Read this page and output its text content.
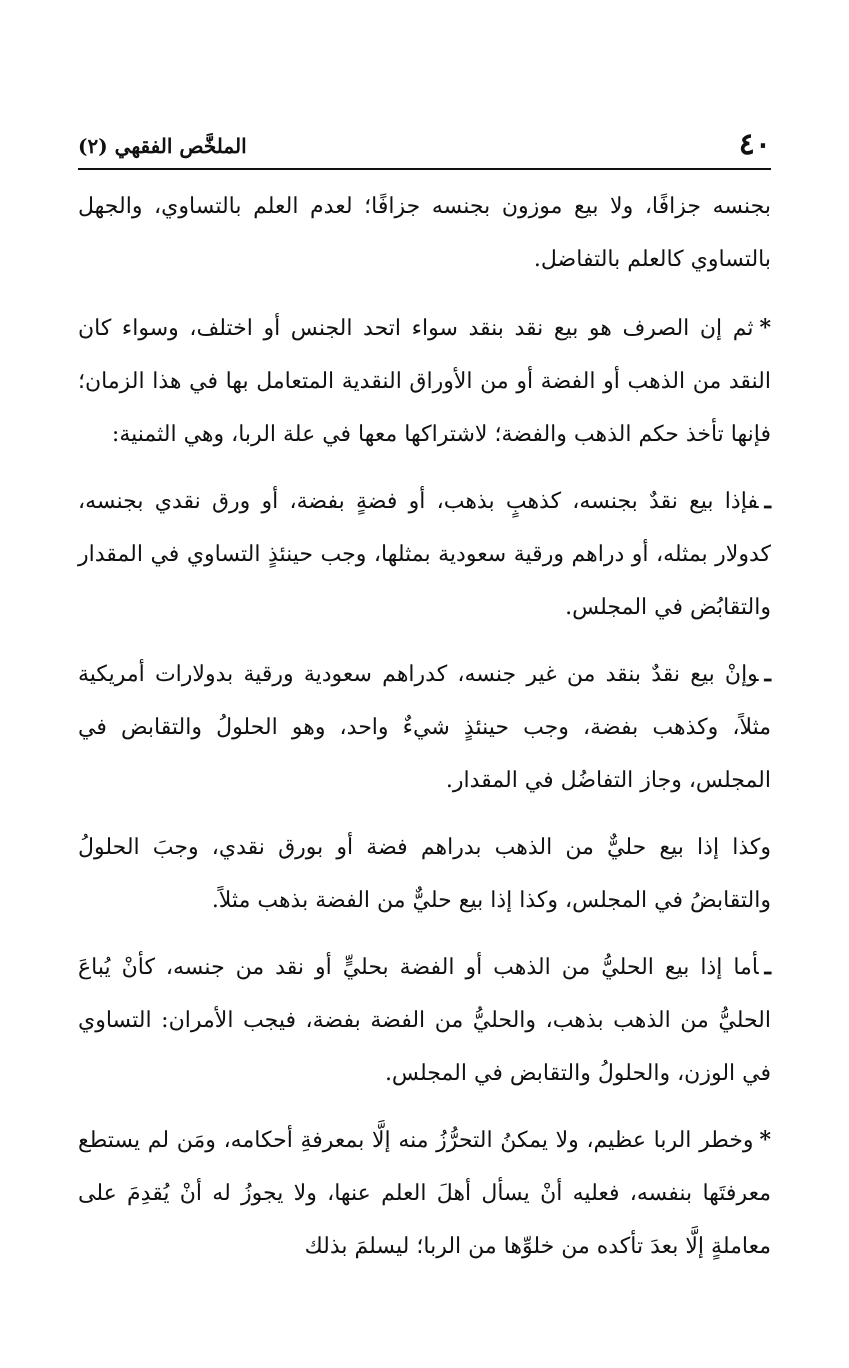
٤٠
الملخَّص الفقهي (٢)

بجنسه جزافًا، ولا بيع موزون بجنسه جزافًا؛ لعدم العلم بالتساوي، والجهل بالتساوي كالعلم بالتفاضل.

*ثم إن الصرف هو بيع نقد بنقد سواء اتحد الجنس أو اختلف، وسواء كان النقد من الذهب أو الفضة أو من الأوراق النقدية المتعامل بها في هذا الزمان؛ فإنها تأخذ حكم الذهب والفضة؛ لاشتراكها معها في علة الربا، وهي الثمنية:

ـفإذا بيع نقدٌ بجنسه، كذهبٍ بذهب، أو فضةٍ بفضة، أو ورق نقدي بجنسه، كدولار بمثله، أو دراهم ورقية سعودية بمثلها، وجب حينئذٍ التساوي في المقدار والتقابُض في المجلس.

ـوإنْ بيع نقدٌ بنقد من غير جنسه، كدراهم سعودية ورقية بدولارات أمريكية مثلاً، وكذهب بفضة، وجب حينئذٍ شيءٌ واحد، وهو الحلولُ والتقابض في المجلس، وجاز التفاضُل في المقدار.

وكذا إذا بيع حليٌّ من الذهب بدراهم فضة أو بورق نقدي، وجبَ الحلولُ والتقابضُ في المجلس، وكذا إذا بيع حليٌّ من الفضة بذهب مثلاً.

ـأما إذا بيع الحليُّ من الذهب أو الفضة بحليٍّ أو نقد من جنسه، كأنْ يُباعَ الحليُّ من الذهب بذهب، والحليُّ من الفضة بفضة، فيجب الأمران: التساوي في الوزن، والحلولُ والتقابض في المجلس.

*وخطر الربا عظيم، ولا يمكنُ التحرُّزُ منه إلَّا بمعرفةِ أحكامه، ومَن لم يستطع معرفتَها بنفسه، فعليه أنْ يسأل أهلَ العلم عنها، ولا يجوزُ له أنْ يُقدِمَ على معاملةٍ إلَّا بعدَ تأكده من خلوِّها من الربا؛ ليسلمَ بذلك
